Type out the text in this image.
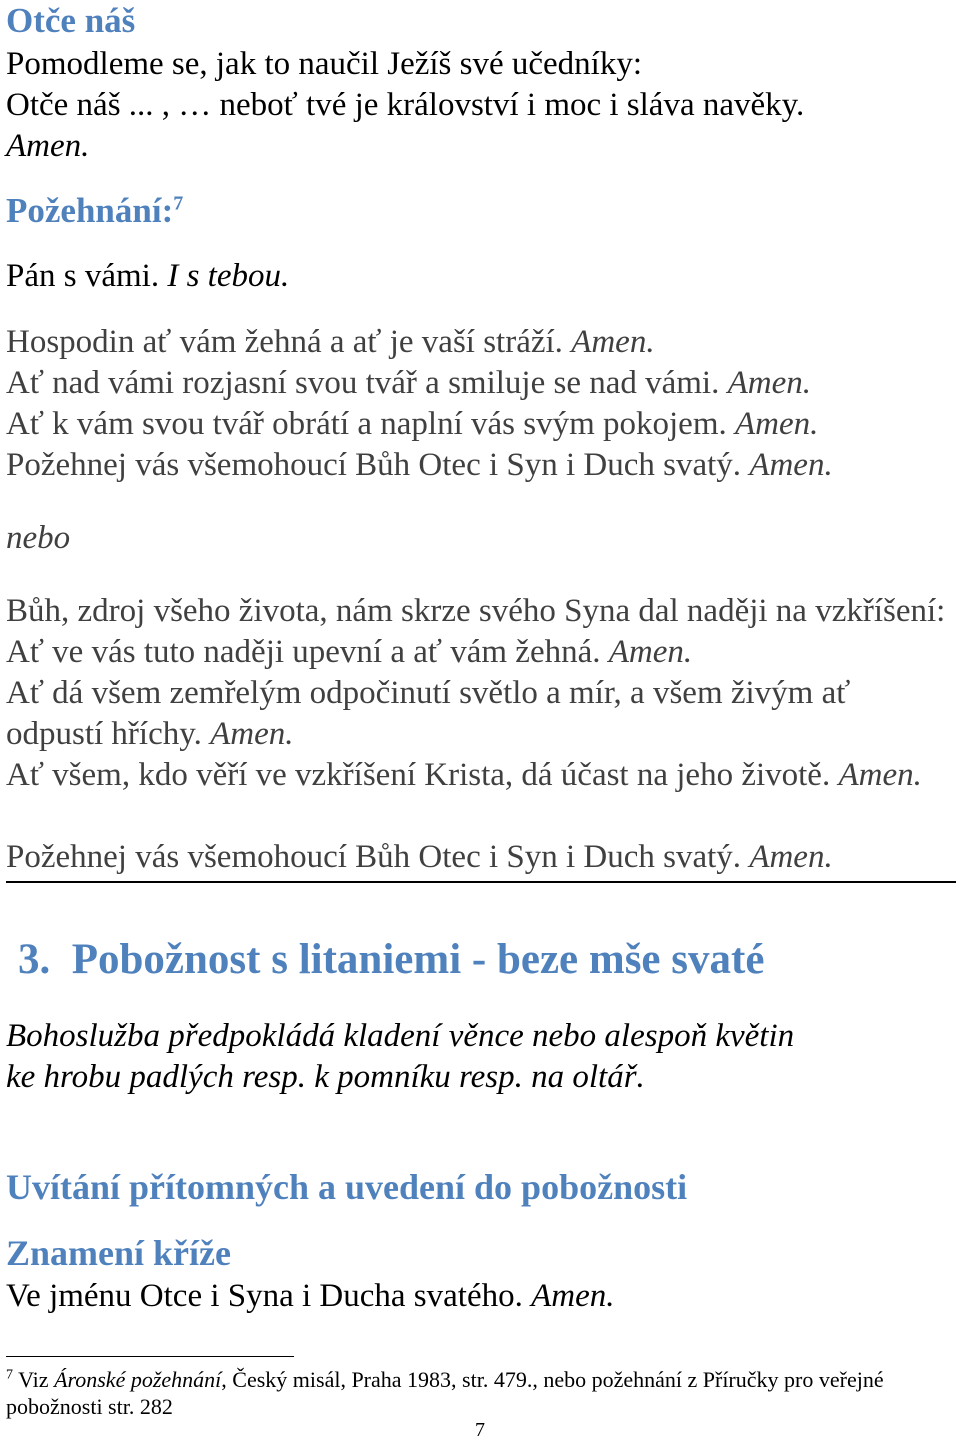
Otče náš
Pomodleme se, jak to naučil Ježíš své učedníky:
Otče náš ... , … neboť tvé je království i moc i sláva navěky.
Amen.
Požehnání:$^7$
Pán s vámi. I s tebou.
Hospodin ať vám žehná a ať je vaší stráží. Amen.
Ať nad vámi rozjasní svou tvář a smiluje se nad vámi. Amen.
Ať k vám svou tvář obrátí a naplní vás svým pokojem. Amen.
Požehnej vás všemohoucí Bůh Otec i Syn i Duch svatý. Amen.
nebo
Bůh, zdroj všeho života, nám skrze svého Syna dal naději na vzkříšení: Ať ve vás tuto naději upevní a ať vám žehná. Amen.
Ať dá všem zemřelým odpočinutí světlo a mír, a všem živým ať odpustí hříchy. Amen.
Ať všem, kdo věří ve vzkříšení Krista, dá účast na jeho životě. Amen.
Požehnej vás všemohoucí Bůh Otec i Syn i Duch svatý. Amen.
3. Pobožnost s litaniemi - beze mše svaté
Bohoslužba předpokládá kladení věnce nebo alespoň květin
ke hrobu padlých resp. k pomníku resp. na oltář.
Uvítání přítomných a uvedení do pobožnosti
Znamení kříže
Ve jménu Otce i Syna i Ducha svatého. Amen.
$^7$ Viz Áronské požehnání, Český misál, Praha 1983, str. 479., nebo požehnání z Příručky pro veřejné pobožnosti str. 282
7
